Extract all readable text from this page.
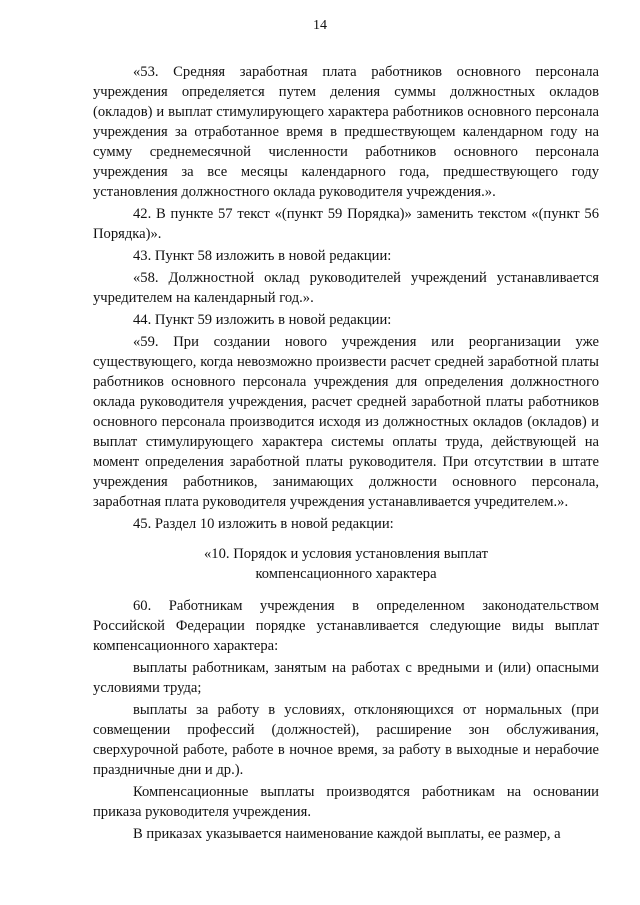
14

«53. Средняя заработная плата работников основного персонала учреждения определяется путем деления суммы должностных окладов (окладов) и выплат стимулирующего характера работников основного персонала учреждения за отработанное время в предшествующем календарном году на сумму среднемесячной численности работников основного персонала учреждения за все месяцы календарного года, предшествующего году установления должностного оклада руководителя учреждения.».

42. В пункте 57 текст «(пункт 59 Порядка)» заменить текстом «(пункт 56 Порядка)».

43. Пункт 58 изложить в новой редакции:

«58. Должностной оклад руководителей учреждений устанавливается учредителем на календарный год.».

44. Пункт 59 изложить в новой редакции:

«59. При создании нового учреждения или реорганизации уже существующего, когда невозможно произвести расчет средней заработной платы работников основного персонала учреждения для определения должностного оклада руководителя учреждения, расчет средней заработной платы работников основного персонала производится исходя из должностных окладов (окладов) и выплат стимулирующего характера системы оплаты труда, действующей на момент определения заработной платы руководителя. При отсутствии в штате учреждения работников, занимающих должности основного персонала, заработная плата руководителя учреждения устанавливается учредителем.».

45. Раздел 10 изложить в новой редакции:

«10. Порядок и условия установления выплат
компенсационного характера

60. Работникам учреждения в определенном законодательством Российской Федерации порядке устанавливается следующие виды выплат компенсационного характера:

выплаты работникам, занятым на работах с вредными и (или) опасными условиями труда;

выплаты за работу в условиях, отклоняющихся от нормальных (при совмещении профессий (должностей), расширение зон обслуживания, сверхурочной работе, работе в ночное время, за работу в выходные и нерабочие праздничные дни и др.).

Компенсационные выплаты производятся работникам на основании приказа руководителя учреждения.

В приказах указывается наименование каждой выплаты, ее размер, а
